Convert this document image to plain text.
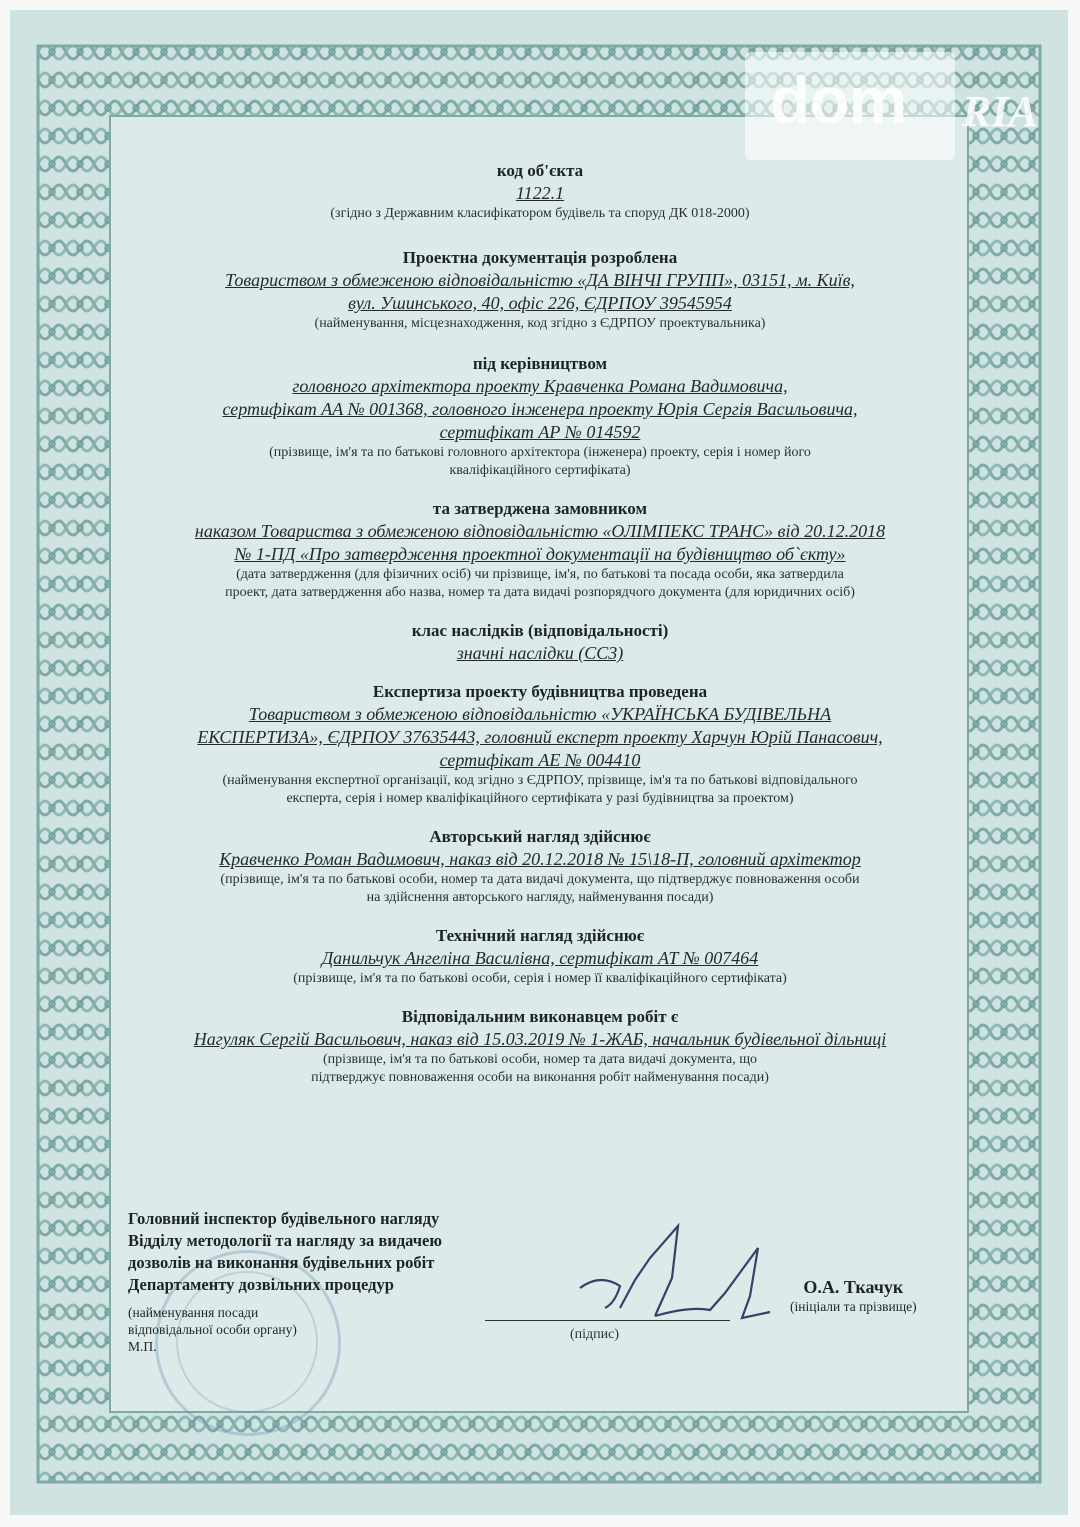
dom RIA

код об'єкта

1122.1

(згідно з Державним класифікатором будівель та споруд ДК 018-2000)

Проектна документація розроблена

Товариством з обмеженою відповідальністю «ДА ВІНЧІ ГРУПП», 03151, м. Київ,

вул. Ушинського, 40, офіс 226, ЄДРПОУ 39545954

(найменування, місцезнаходження, код згідно з ЄДРПОУ проектувальника)

під керівництвом

головного архітектора проекту Кравченка Романа Вадимовича,

сертифікат АА № 001368, головного інженера проекту Юрія Сергія Васильовича,

сертифікат АР № 014592

(прізвище, ім'я та по батькові головного архітектора (інженера) проекту, серія і номер його

кваліфікаційного сертифіката)

та затверджена замовником

наказом Товариства з обмеженою відповідальністю «ОЛІМПЕКС ТРАНС» від 20.12.2018

№ 1-ПД «Про затвердження проектної документації на будівництво об`єкту»

(дата затвердження (для фізичних осіб) чи прізвище, ім'я, по батькові та посада особи, яка затвердила

проект, дата затвердження або назва, номер та дата видачі розпорядчого документа (для юридичних осіб)

клас наслідків (відповідальності)

значні наслідки (СС3)

Експертиза проекту будівництва проведена

Товариством з обмеженою відповідальністю «УКРАЇНСЬКА БУДІВЕЛЬНА

ЕКСПЕРТИЗА», ЄДРПОУ 37635443, головний експерт проекту Харчун Юрій Панасович,

сертифікат АЕ № 004410

(найменування експертної організації, код згідно з ЄДРПОУ, прізвище, ім'я та по батькові відповідального

експерта, серія і номер кваліфікаційного сертифіката у разі будівництва за проектом)

Авторський нагляд здійснює

Кравченко Роман Вадимович, наказ від 20.12.2018 № 15\18-П, головний архітектор

(прізвище, ім'я та по батькові особи, номер та дата видачі документа, що підтверджує повноваження особи

на здійснення авторського нагляду, найменування посади)

Технічний нагляд здійснює

Данильчук Ангеліна Василівна, сертифікат АТ № 007464

(прізвище, ім'я та по батькові особи, серія і номер її кваліфікаційного сертифіката)

Відповідальним виконавцем робіт є

Нагуляк Сергій Васильович, наказ від 15.03.2019 № 1-ЖАБ, начальник будівельної дільниці

(прізвище, ім'я та по батькові особи, номер та дата видачі документа, що

підтверджує повноваження особи на виконання робіт найменування посади)

Головний інспектор будівельного нагляду
Відділу методології та нагляду за видачею
дозволів на виконання будівельних робіт
Департаменту дозвільних процедур
(найменування посади
відповідальної особи органу)
М.П.
(підпис)
О.А. Ткачук
(ініціали та прізвище)
